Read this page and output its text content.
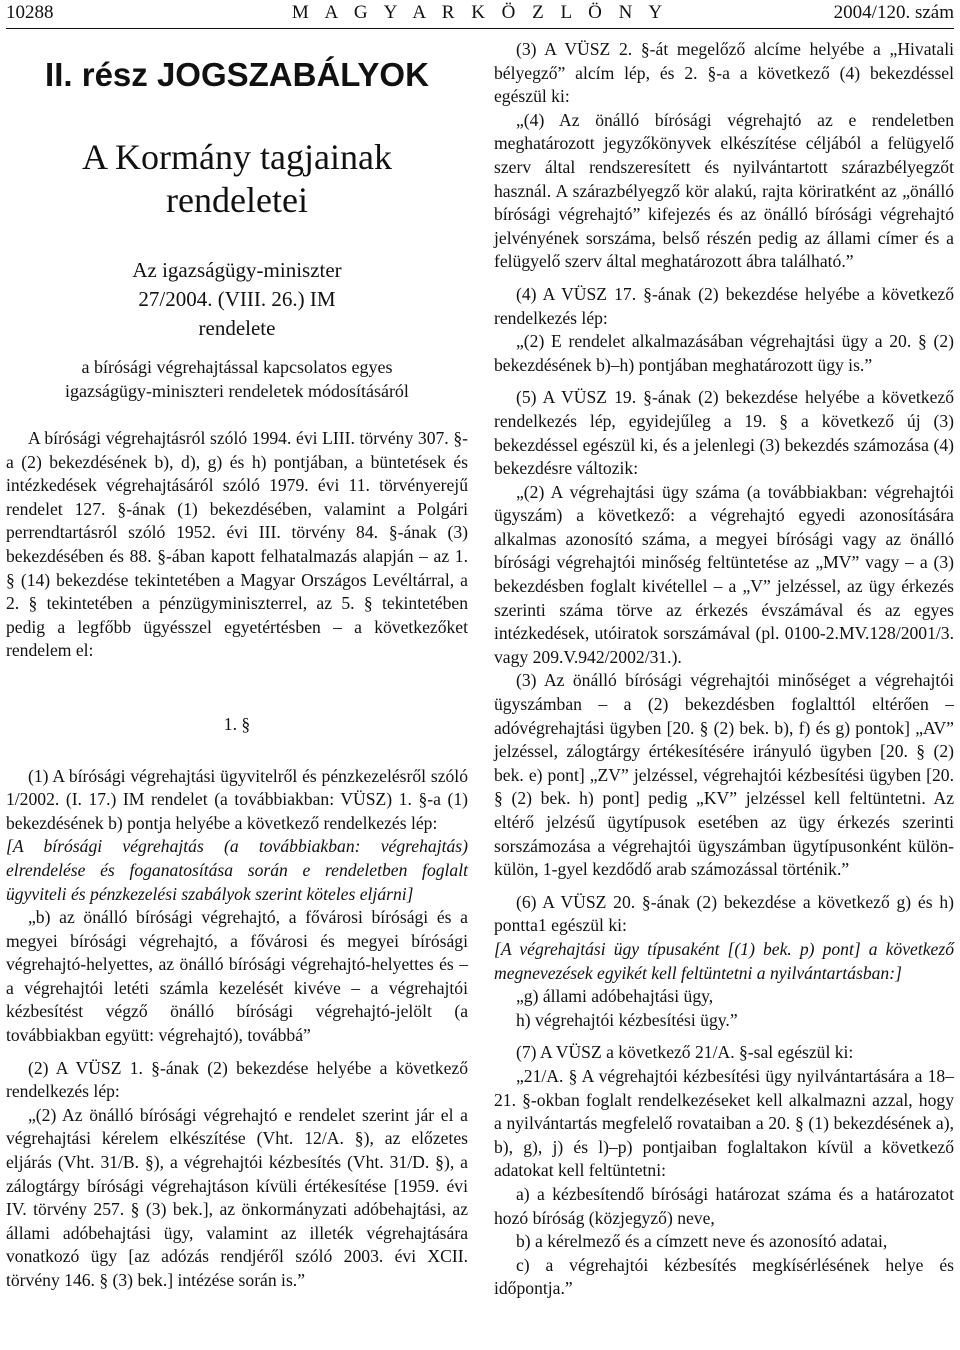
10288	M A G Y A R K Ö Z L Ö N Y	2004/120. szám

II. rész JOGSZABÁLYOK

A Kormány tagjainak
rendeletei

Az igazságügy-miniszter

27/2004. (VIII. 26.) IM

rendelete

a bírósági végrehajtással kapcsolatos egyes
igazságügy-miniszteri rendeletek módosításáról

A bírósági végrehajtásról szóló 1994. évi LIII. törvény 307. §-a (2) bekezdésének b), d), g) és h) pontjában, a büntetések és intézkedések végrehajtásáról szóló 1979. évi 11. törvényerejű rendelet 127. §-ának (1) bekezdésében, valamint a Polgári perrendtartásról szóló 1952. évi III. törvény 84. §-ának (3) bekezdésében és 88. §-ában kapott felhatalmazás alapján – az 1. § (14) bekezdése tekintetében a Magyar Országos Levéltárral, a 2. § tekintetében a pénzügyminiszterrel, az 5. § tekintetében pedig a legfőbb ügyésszel egyetértésben – a következőket rendelem el:

1. §

(1) A bírósági végrehajtási ügyvitelről és pénzkezelésről szóló 1/2002. (I. 17.) IM rendelet (a továbbiakban: VÜSZ) 1. §-a (1) bekezdésének b) pontja helyébe a következő rendelkezés lép:

[A bírósági végrehajtás (a továbbiakban: végrehajtás) elrendelése és foganatosítása során e rendeletben foglalt ügyviteli és pénzkezelési szabályok szerint köteles eljárni]

„b) az önálló bírósági végrehajtó, a fővárosi bírósági és a megyei bírósági végrehajtó, a fővárosi és megyei bírósági végrehajtó-helyettes, az önálló bírósági végrehajtó-helyettes és – a végrehajtói letéti számla kezelését kivéve – a végrehajtói kézbesítést végző önálló bírósági végrehajtó-jelölt (a továbbiakban együtt: végrehajtó), továbbá”

(2) A VÜSZ 1. §-ának (2) bekezdése helyébe a következő rendelkezés lép:

„(2) Az önálló bírósági végrehajtó e rendelet szerint jár el a végrehajtási kérelem elkészítése (Vht. 12/A. §), az előzetes eljárás (Vht. 31/B. §), a végrehajtói kézbesítés (Vht. 31/D. §), a zálogtárgy bírósági végrehajtáson kívüli értékesítése [1959. évi IV. törvény 257. § (3) bek.], az önkormányzati adóbehajtási, az állami adóbehajtási ügy, valamint az illeték végrehajtására vonatkozó ügy [az adózás rendjéről szóló 2003. évi XCII. törvény 146. § (3) bek.] intézése során is.”

(3) A VÜSZ 2. §-át megelőző alcíme helyébe a „Hivatali bélyegző” alcím lép, és 2. §-a a következő (4) bekezdéssel egészül ki:

„(4) Az önálló bírósági végrehajtó az e rendeletben meghatározott jegyzőkönyvek elkészítése céljából a felügyelő szerv által rendszeresített és nyilvántartott szárazbélyegzőt használ. A szárazbélyegző kör alakú, rajta köriratként az „önálló bírósági végrehajtó” kifejezés és az önálló bírósági végrehajtó jelvényének sorszáma, belső részén pedig az állami címer és a felügyelő szerv által meghatározott ábra található.”

(4) A VÜSZ 17. §-ának (2) bekezdése helyébe a következő rendelkezés lép:

„(2) E rendelet alkalmazásában végrehajtási ügy a 20. § (2) bekezdésének b)–h) pontjában meghatározott ügy is.”

(5) A VÜSZ 19. §-ának (2) bekezdése helyébe a következő rendelkezés lép, egyidejűleg a 19. § a következő új (3) bekezdéssel egészül ki, és a jelenlegi (3) bekezdés számozása (4) bekezdésre változik:

„(2) A végrehajtási ügy száma (a továbbiakban: végrehajtói ügyszám) a következő: a végrehajtó egyedi azonosítására alkalmas azonosító száma, a megyei bírósági vagy az önálló bírósági végrehajtói minőség feltüntetése az „MV” vagy – a (3) bekezdésben foglalt kivétellel – a „V” jelzéssel, az ügy érkezés szerinti száma törve az érkezés évszámával és az egyes intézkedések, utóiratok sorszámával (pl. 0100-2.MV.128/2001/3. vagy 209.V.942/2002/31.).

(3) Az önálló bírósági végrehajtói minőséget a végrehajtói ügyszámban – a (2) bekezdésben foglalttól eltérően – adóvégrehajtási ügyben [20. § (2) bek. b), f) és g) pontok] „AV” jelzéssel, zálogtárgy értékesítésére irányuló ügyben [20. § (2) bek. e) pont] „ZV” jelzéssel, végrehajtói kézbesítési ügyben [20. § (2) bek. h) pont] pedig „KV” jelzéssel kell feltüntetni. Az eltérő jelzésű ügytípusok esetében az ügy érkezés szerinti sorszámozása a végrehajtói ügyszámban ügytípusonként külön-külön, 1-gyel kezdődő arab számozással történik.”

(6) A VÜSZ 20. §-ának (2) bekezdése a következő g) és h) pontta1 egészül ki:

[A végrehajtási ügy típusaként [(1) bek. p) pont] a következő megnevezések egyikét kell feltüntetni a nyilvántartásban:]

„g) állami adóbehajtási ügy,

h) végrehajtói kézbesítési ügy.”

(7) A VÜSZ a következő 21/A. §-sal egészül ki:

„21/A. § A végrehajtói kézbesítési ügy nyilvántartására a 18–21. §-okban foglalt rendelkezéseket kell alkalmazni azzal, hogy a nyilvántartás megfelelő rovataiban a 20. § (1) bekezdésének a), b), g), j) és l)–p) pontjaiban foglaltakon kívül a következő adatokat kell feltüntetni:

a) a kézbesítendő bírósági határozat száma és a határozatot hozó bíróság (közjegyző) neve,

b) a kérelmező és a címzett neve és azonosító adatai,

c) a végrehajtói kézbesítés megkísérlésének helye és időpontja.”
